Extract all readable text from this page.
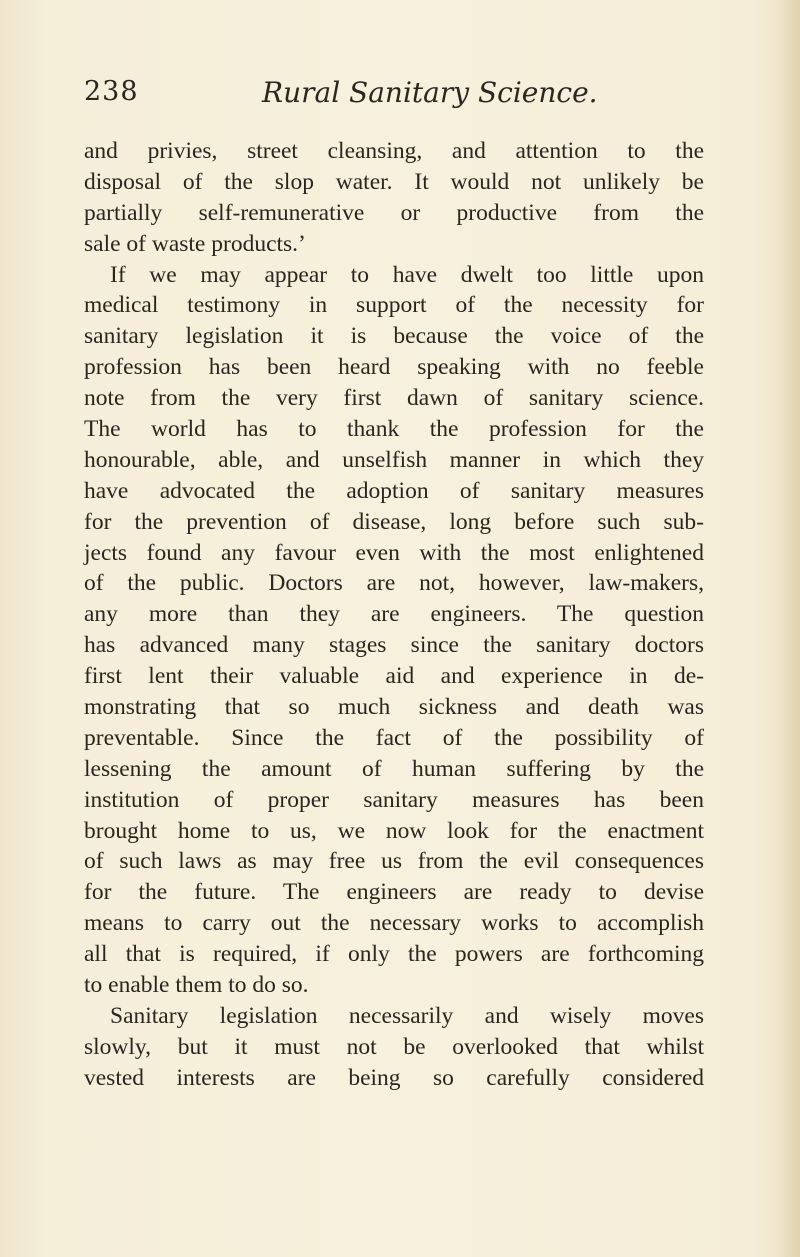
238	Rural Sanitary Science.
and privies, street cleansing, and attention to the
disposal of the slop water. It would not unlikely be
partially self-remunerative or productive from the
sale of waste products.’
If we may appear to have dwelt too little upon
medical testimony in support of the necessity for
sanitary legislation it is because the voice of the
profession has been heard speaking with no feeble
note from the very first dawn of sanitary science.
The world has to thank the profession for the
honourable, able, and unselfish manner in which they
have advocated the adoption of sanitary measures
for the prevention of disease, long before such sub-
jects found any favour even with the most enlightened
of the public. Doctors are not, however, law-makers,
any more than they are engineers. The question
has advanced many stages since the sanitary doctors
first lent their valuable aid and experience in de-
monstrating that so much sickness and death was
preventable. Since the fact of the possibility of
lessening the amount of human suffering by the
institution of proper sanitary measures has been
brought home to us, we now look for the enactment
of such laws as may free us from the evil consequences
for the future. The engineers are ready to devise
means to carry out the necessary works to accomplish
all that is required, if only the powers are forthcoming
to enable them to do so.
Sanitary legislation necessarily and wisely moves
slowly, but it must not be overlooked that whilst
vested interests are being so carefully considered
